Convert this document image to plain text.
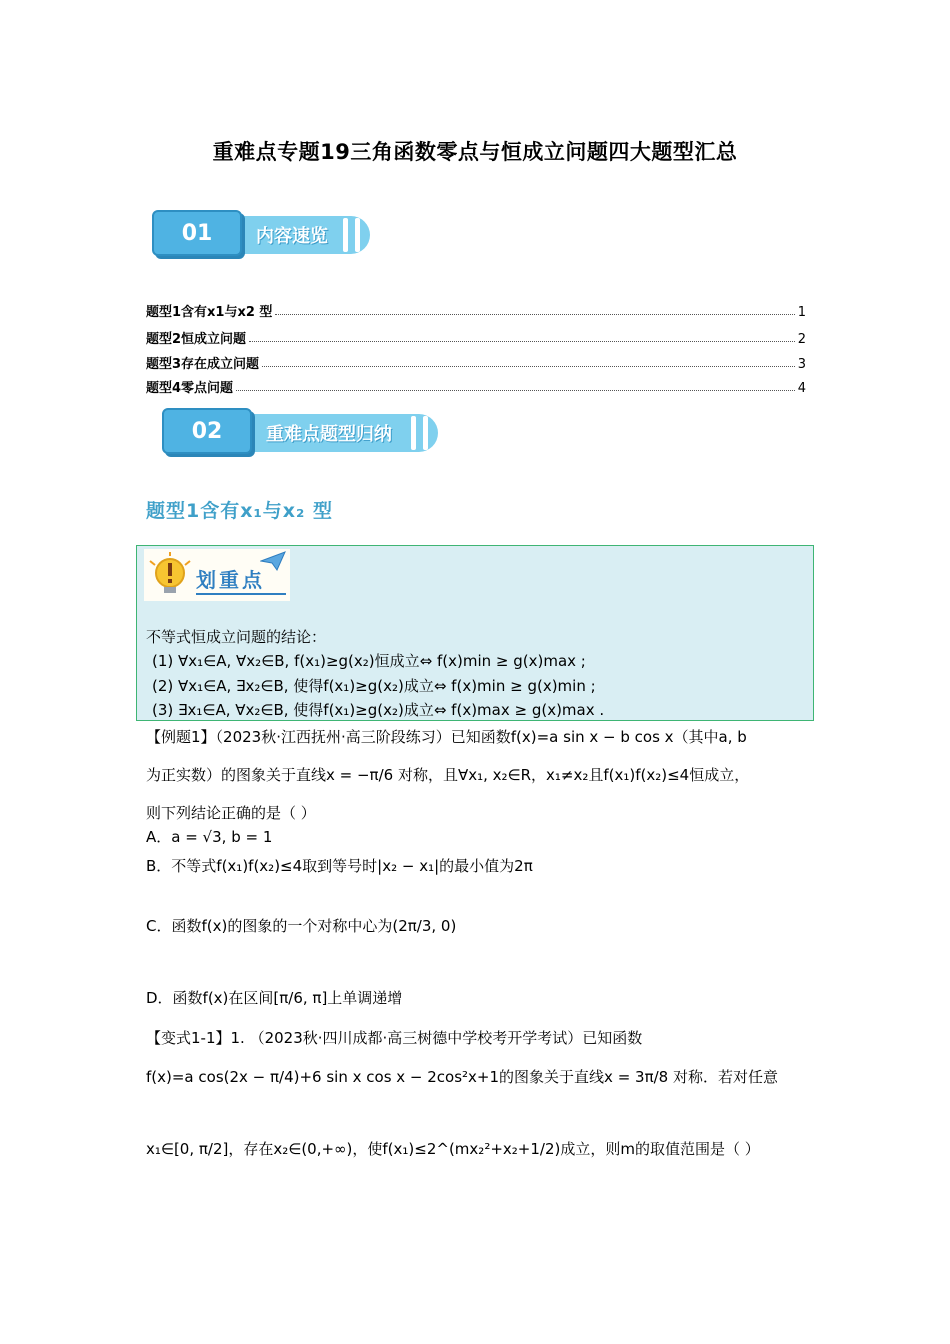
重难点专题19三角函数零点与恒成立问题四大题型汇总
01	内容速览
题型1含有x1与x2 型	1
题型2恒成立问题	2
题型3存在成立问题	3
题型4零点问题	4
02	重难点题型归纳
题型1含有x₁与x₂ 型
划重点
不等式恒成立问题的结论：
(1) ∀x₁∈A, ∀x₂∈B, f(x₁)≥g(x₂)恒成立⇔ f(x)min ≥ g(x)max ;
(2) ∀x₁∈A, ∃x₂∈B, 使得f(x₁)≥g(x₂)成立⇔ f(x)min ≥ g(x)min ;
(3) ∃x₁∈A, ∀x₂∈B, 使得f(x₁)≥g(x₂)成立⇔ f(x)max ≥ g(x)max .
【例题1】（2023秋·江西抚州·高三阶段练习）已知函数f(x)=a sin x − b cos x（其中a, b
为正实数）的图象关于直线x = −π/6 对称，且∀x₁, x₂∈R，x₁≠x₂且f(x₁)f(x₂)≤4恒成立，
则下列结论正确的是（ ）
A．a = √3, b = 1
B．不等式f(x₁)f(x₂)≤4取到等号时|x₂ − x₁|的最小值为2π
C．函数f(x)的图象的一个对称中心为(2π/3, 0)
D．函数f(x)在区间[π/6, π]上单调递增
【变式1-1】1. （2023秋·四川成都·高三树德中学校考开学考试）已知函数
f(x)=a cos(2x − π/4)+6 sin x cos x − 2cos²x+1的图象关于直线x = 3π/8 对称．若对任意
x₁∈[0, π/2]，存在x₂∈(0,+∞)，使f(x₁)≤2^(mx₂²+x₂+1/2)成立，则m的取值范围是（ ）
